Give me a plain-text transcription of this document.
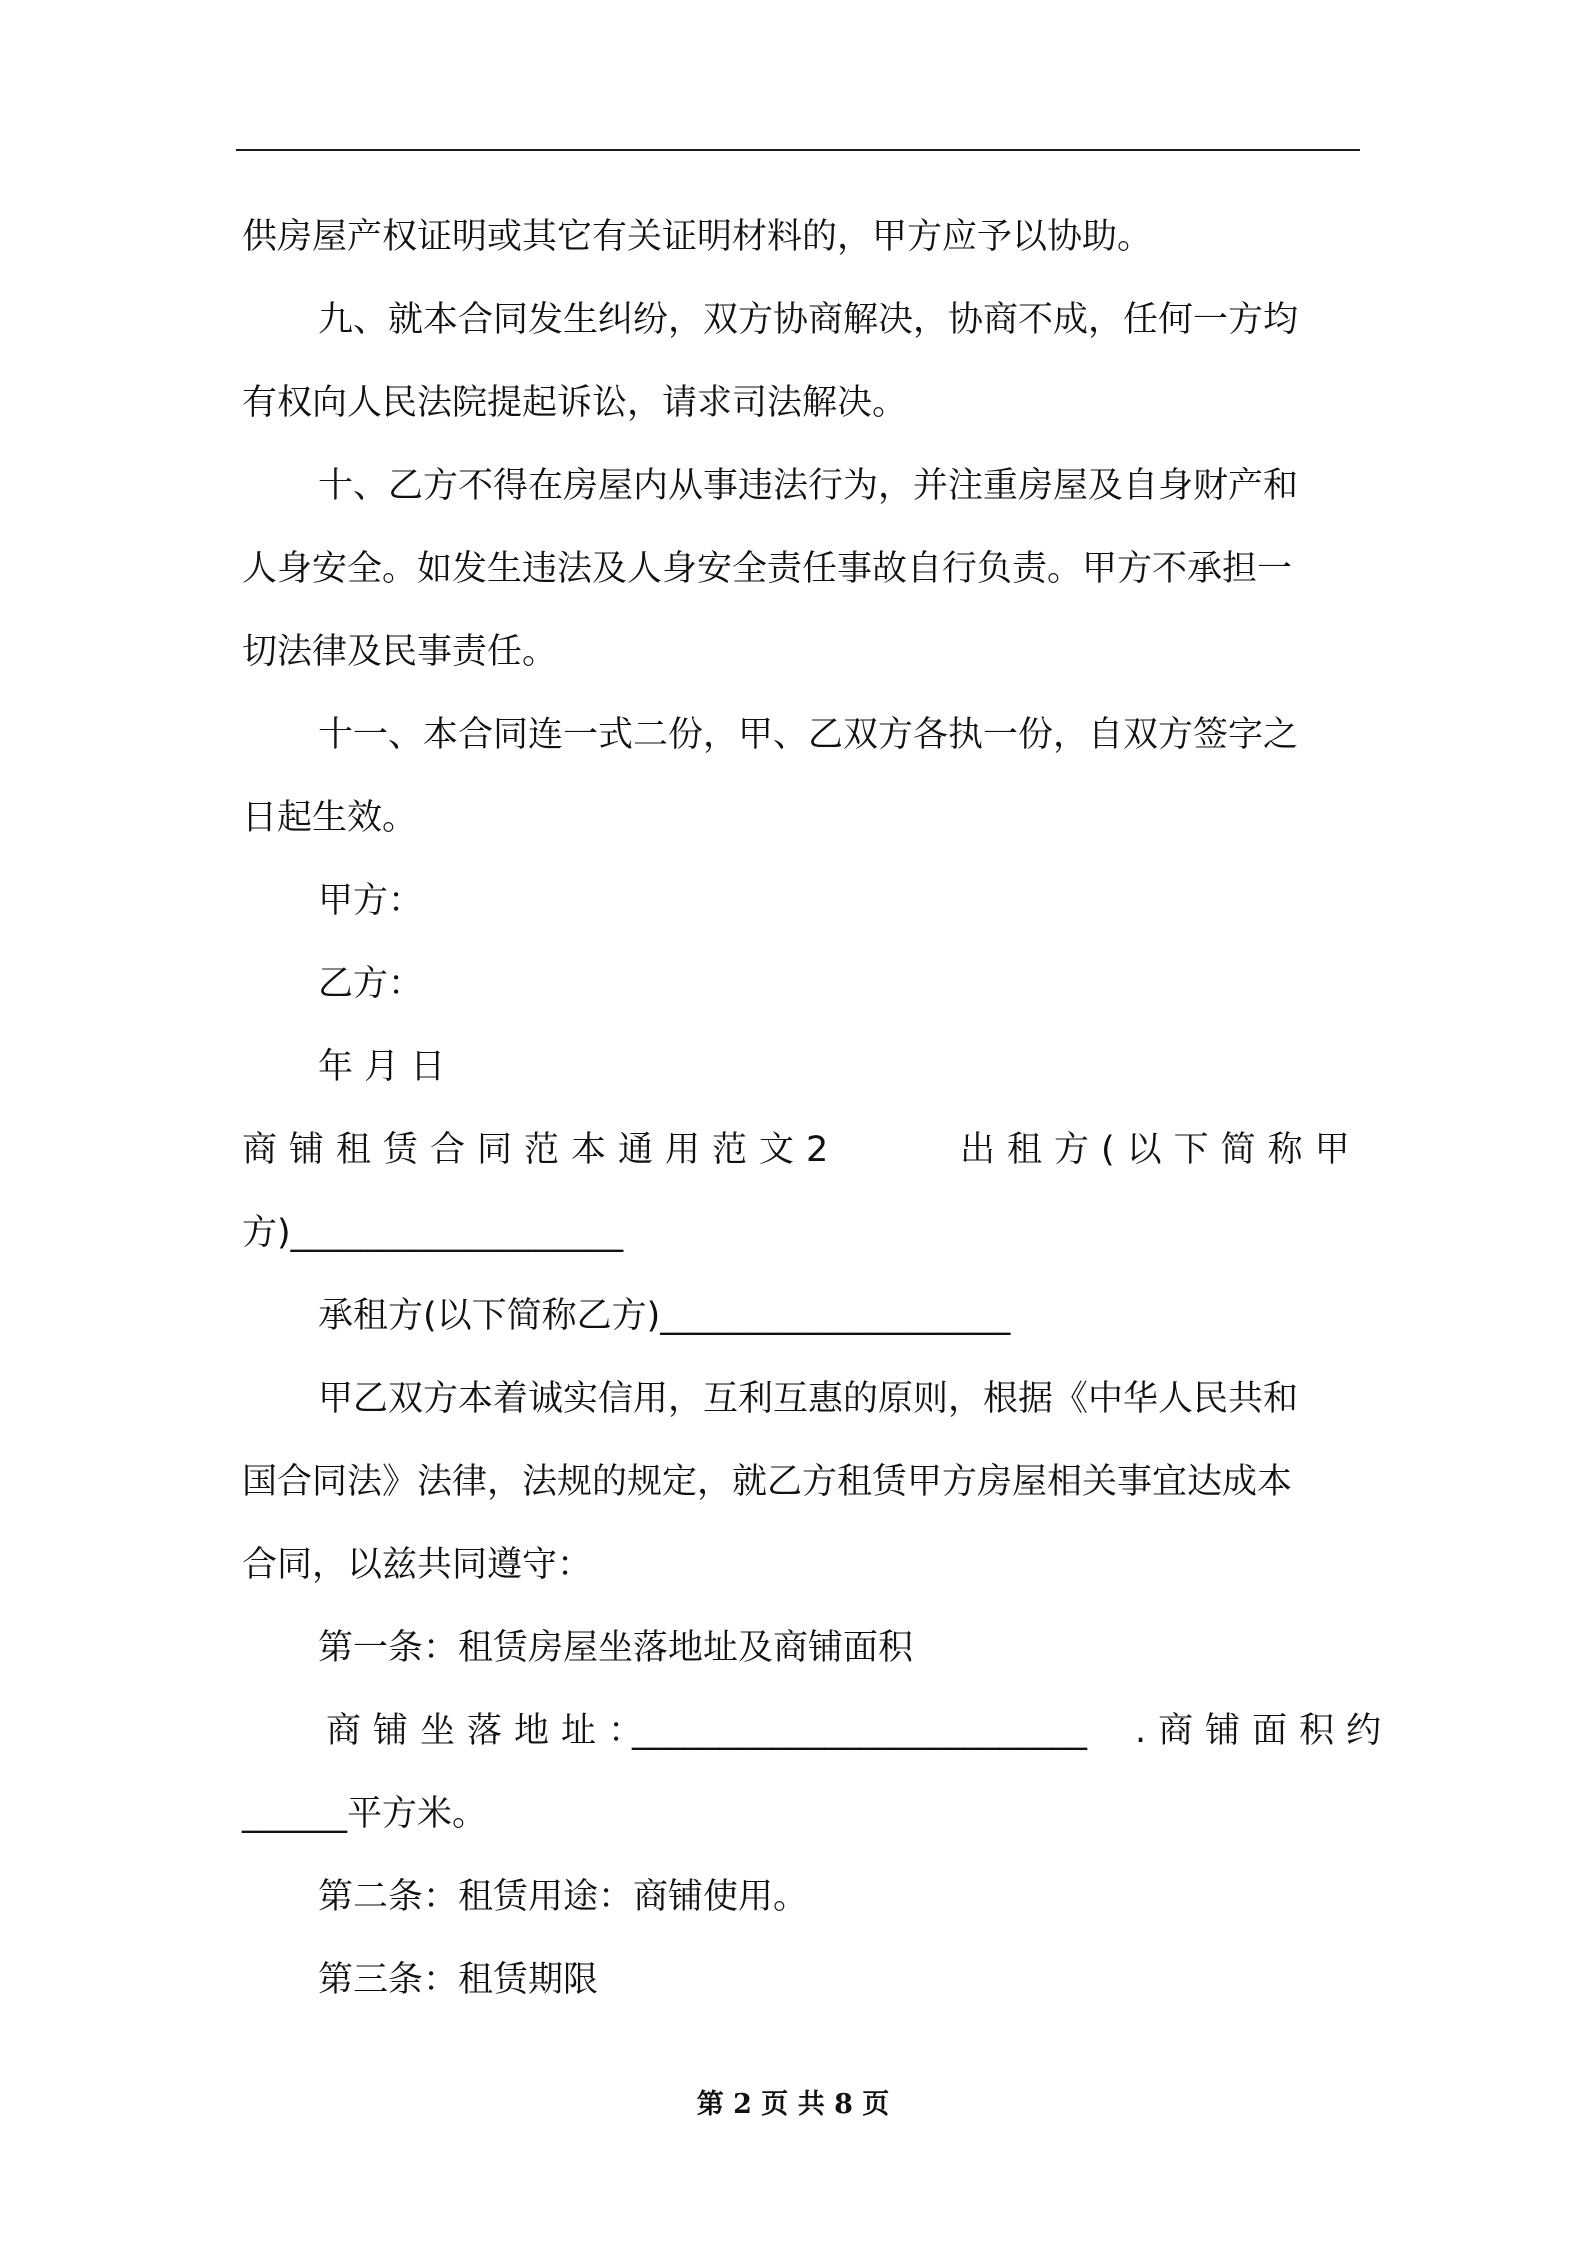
供房屋产权证明或其它有关证明材料的，甲方应予以协助。

九、就本合同发生纠纷，双方协商解决，协商不成，任何一方均

有权向人民法院提起诉讼，请求司法解决。

十、乙方不得在房屋内从事违法行为，并注重房屋及自身财产和

人身安全。如发生违法及人身安全责任事故自行负责。甲方不承担一

切法律及民事责任。

十一、本合同连一式二份，甲、乙双方各执一份，自双方签字之

日起生效。

甲方：

乙方：

年 月 日

商铺租赁合同范本通用范文2	出租方(以下简称甲

方)___________________

承租方(以下简称乙方)____________________

甲乙双方本着诚实信用，互利互惠的原则，根据《中华人民共和

国合同法》法律，法规的规定，就乙方租赁甲方房屋相关事宜达成本

合同，以兹共同遵守：

第一条：租赁房屋坐落地址及商铺面积

商铺坐落地址：
__________________________ .商铺面积约

______平方米。

第二条：租赁用途：商铺使用。

第三条：租赁期限

第 2 页 共 8 页
